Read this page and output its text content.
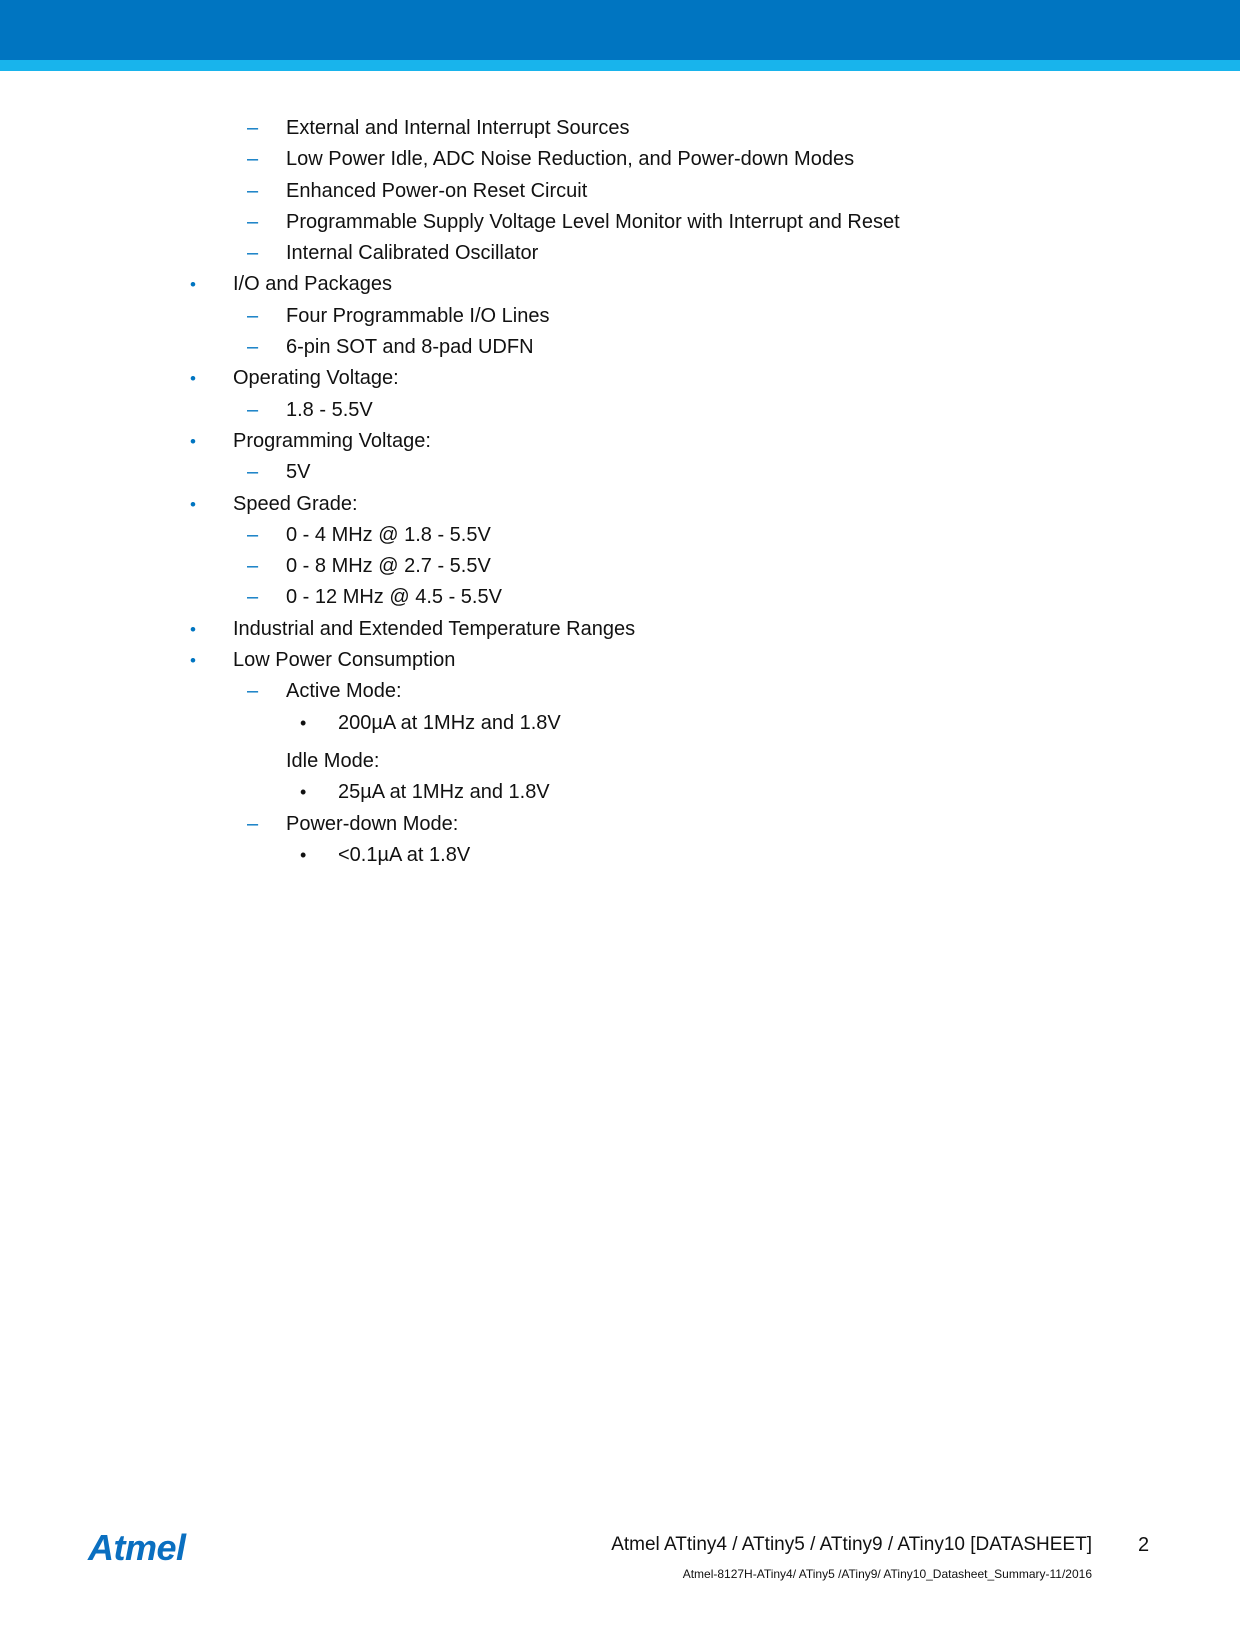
– External and Internal Interrupt Sources
– Low Power Idle, ADC Noise Reduction, and Power-down Modes
– Enhanced Power-on Reset Circuit
– Programmable Supply Voltage Level Monitor with Interrupt and Reset
– Internal Calibrated Oscillator
• I/O and Packages
– Four Programmable I/O Lines
– 6-pin SOT and 8-pad UDFN
• Operating Voltage:
– 1.8 - 5.5V
• Programming Voltage:
– 5V
• Speed Grade:
– 0 - 4 MHz @ 1.8 - 5.5V
– 0 - 8 MHz @ 2.7 - 5.5V
– 0 - 12 MHz @ 4.5 - 5.5V
• Industrial and Extended Temperature Ranges
• Low Power Consumption
– Active Mode:
• 200µA at 1MHz and 1.8V
Idle Mode:
• 25µA at 1MHz and 1.8V
– Power-down Mode:
• <0.1µA at 1.8V
Atmel	Atmel ATtiny4 / ATtiny5 / ATtiny9 / ATiny10 [DATASHEET] 2
Atmel-8127H-ATiny4/ ATiny5 /ATiny9/ ATiny10_Datasheet_Summary-11/2016
